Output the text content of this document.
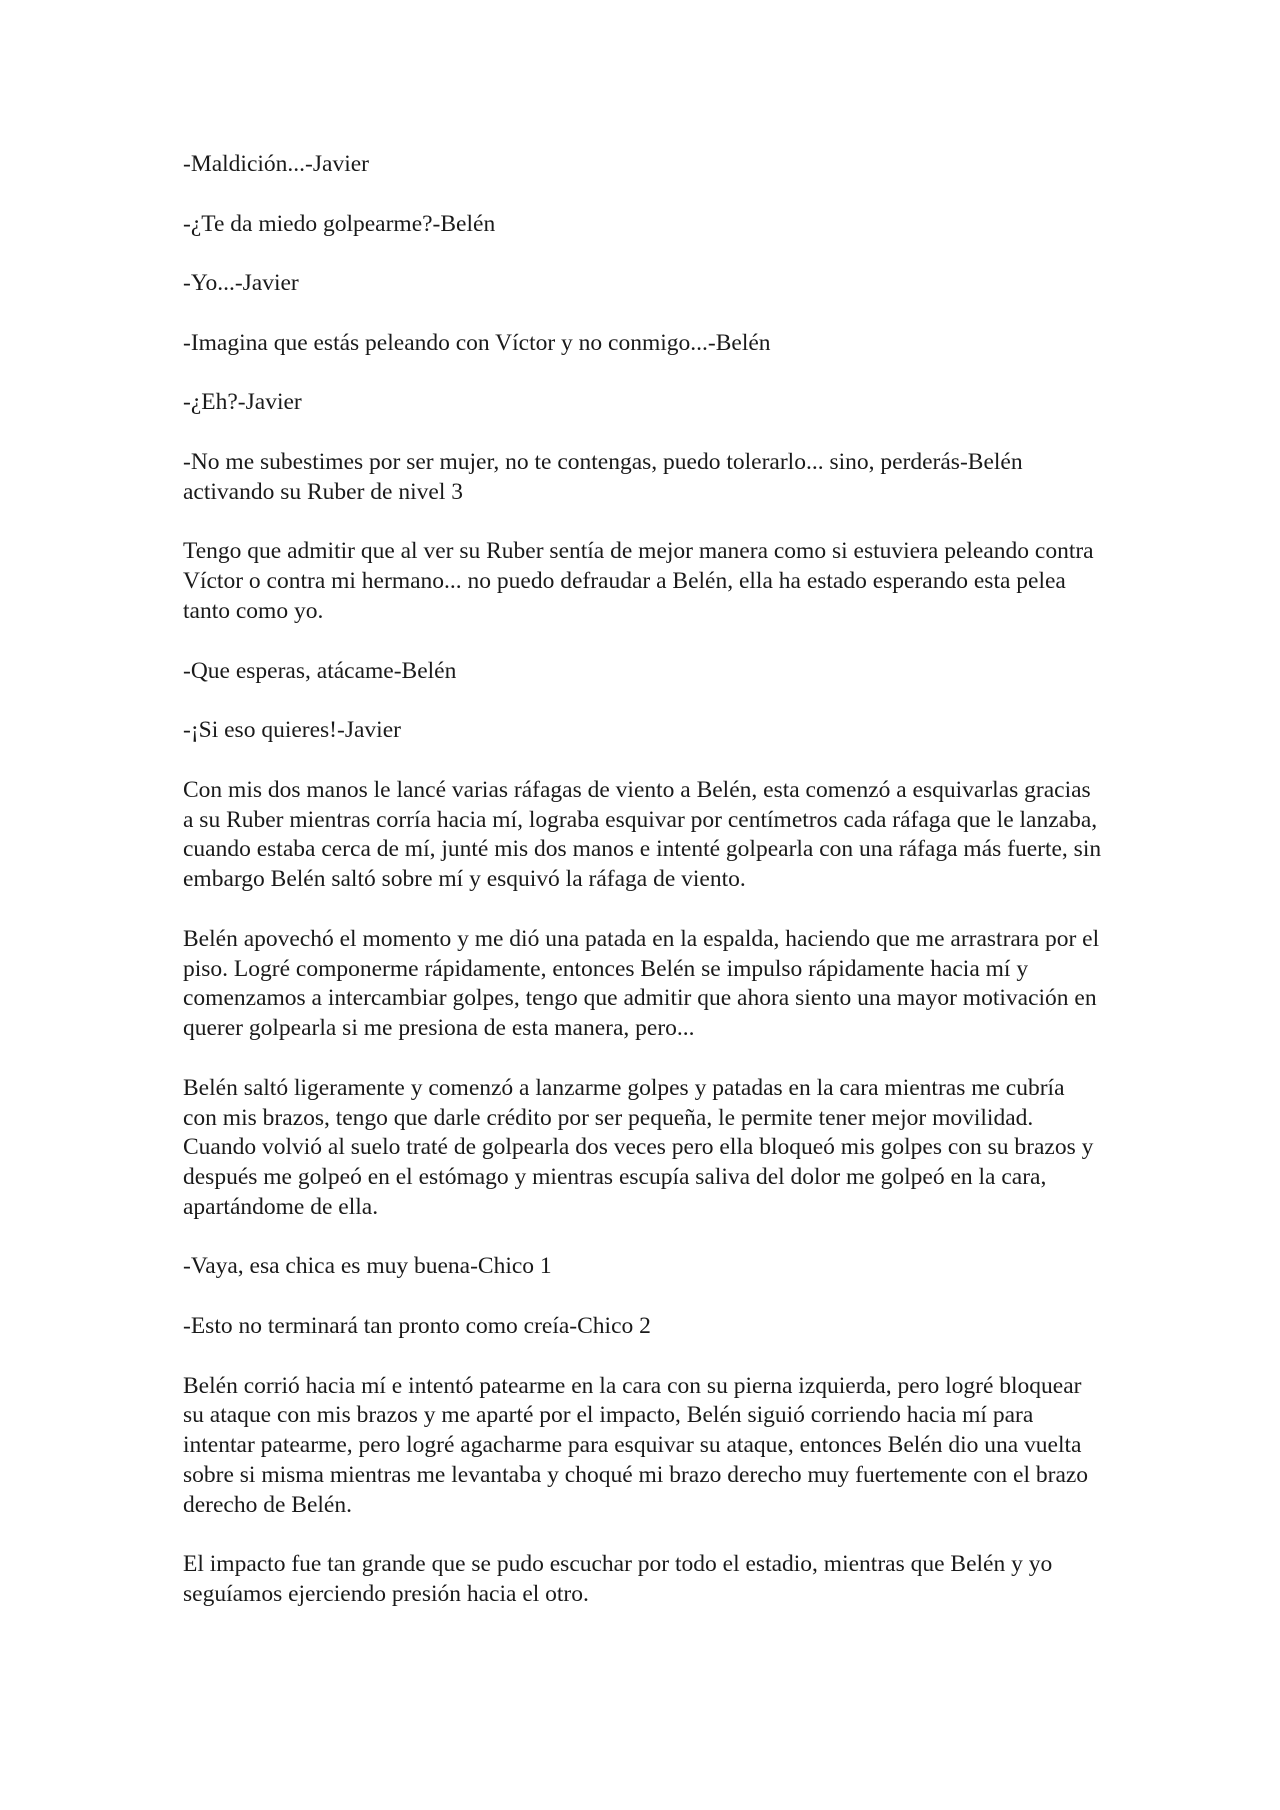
-Maldición...-Javier

-¿Te da miedo golpearme?-Belén

-Yo...-Javier

-Imagina que estás peleando con Víctor y no conmigo...-Belén

-¿Eh?-Javier

-No me subestimes por ser mujer, no te contengas, puedo tolerarlo... sino, perderás-Belén activando su Ruber de nivel 3

Tengo que admitir que al ver su Ruber sentía de mejor manera como si estuviera peleando contra Víctor o contra mi hermano... no puedo defraudar a Belén, ella ha estado esperando esta pelea tanto como yo.

-Que esperas, atácame-Belén

-¡Si eso quieres!-Javier

Con mis dos manos le lancé varias ráfagas de viento a Belén, esta comenzó a esquivarlas gracias a su Ruber mientras corría hacia mí, lograba esquivar por centímetros cada ráfaga que le lanzaba, cuando estaba cerca de mí, junté mis dos manos e intenté golpearla con una ráfaga más fuerte, sin embargo Belén saltó sobre mí y esquivó la ráfaga de viento.

Belén apovechó el momento y me dió una patada en la espalda, haciendo que me arrastrara por el piso. Logré componerme rápidamente, entonces Belén se impulso rápidamente hacia mí y comenzamos a intercambiar golpes, tengo que admitir que ahora siento una mayor motivación en querer golpearla si me presiona de esta manera, pero...

Belén saltó ligeramente y comenzó a lanzarme golpes y patadas en la cara mientras me cubría con mis brazos, tengo que darle crédito por ser pequeña, le permite tener mejor movilidad. Cuando volvió al suelo traté de golpearla dos veces pero ella bloqueó mis golpes con su brazos y después me golpeó en el estómago y mientras escupía saliva del dolor me golpeó en la cara, apartándome de ella.

-Vaya, esa chica es muy buena-Chico 1

-Esto no terminará tan pronto como creía-Chico 2

Belén corrió hacia mí e intentó patearme en la cara con su pierna izquierda, pero logré bloquear su ataque con mis brazos y me aparté por el impacto, Belén siguió corriendo hacia mí para intentar patearme, pero logré agacharme para esquivar su ataque, entonces Belén dio una vuelta sobre si misma mientras me levantaba y choqué mi brazo derecho muy fuertemente con el brazo derecho de Belén.

El impacto fue tan grande que se pudo escuchar por todo el estadio, mientras que Belén y yo seguíamos ejerciendo presión hacia el otro.
